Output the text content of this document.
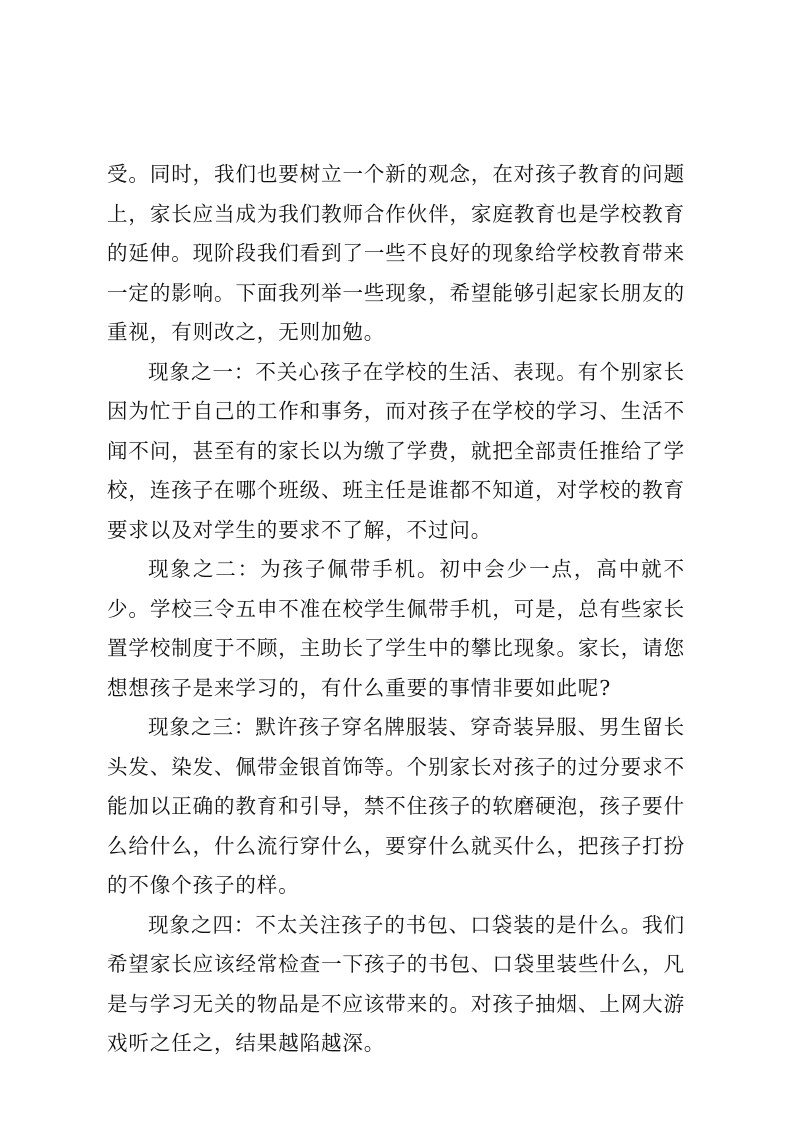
受。同时，我们也要树立一个新的观念，在对孩子教育的问题上，家长应当成为我们教师合作伙伴，家庭教育也是学校教育的延伸。现阶段我们看到了一些不良好的现象给学校教育带来一定的影响。下面我列举一些现象，希望能够引起家长朋友的重视，有则改之，无则加勉。

现象之一：不关心孩子在学校的生活、表现。有个别家长因为忙于自己的工作和事务，而对孩子在学校的学习、生活不闻不问，甚至有的家长以为缴了学费，就把全部责任推给了学校，连孩子在哪个班级、班主任是谁都不知道，对学校的教育要求以及对学生的要求不了解，不过问。

现象之二：为孩子佩带手机。初中会少一点，高中就不少。学校三令五申不准在校学生佩带手机，可是，总有些家长置学校制度于不顾，主助长了学生中的攀比现象。家长，请您想想孩子是来学习的，有什么重要的事情非要如此呢?

现象之三：默许孩子穿名牌服装、穿奇装异服、男生留长头发、染发、佩带金银首饰等。个别家长对孩子的过分要求不能加以正确的教育和引导，禁不住孩子的软磨硬泡，孩子要什么给什么，什么流行穿什么，要穿什么就买什么，把孩子打扮的不像个孩子的样。

现象之四：不太关注孩子的书包、口袋装的是什么。我们希望家长应该经常检查一下孩子的书包、口袋里装些什么，凡是与学习无关的物品是不应该带来的。对孩子抽烟、上网大游戏听之任之，结果越陷越深。
